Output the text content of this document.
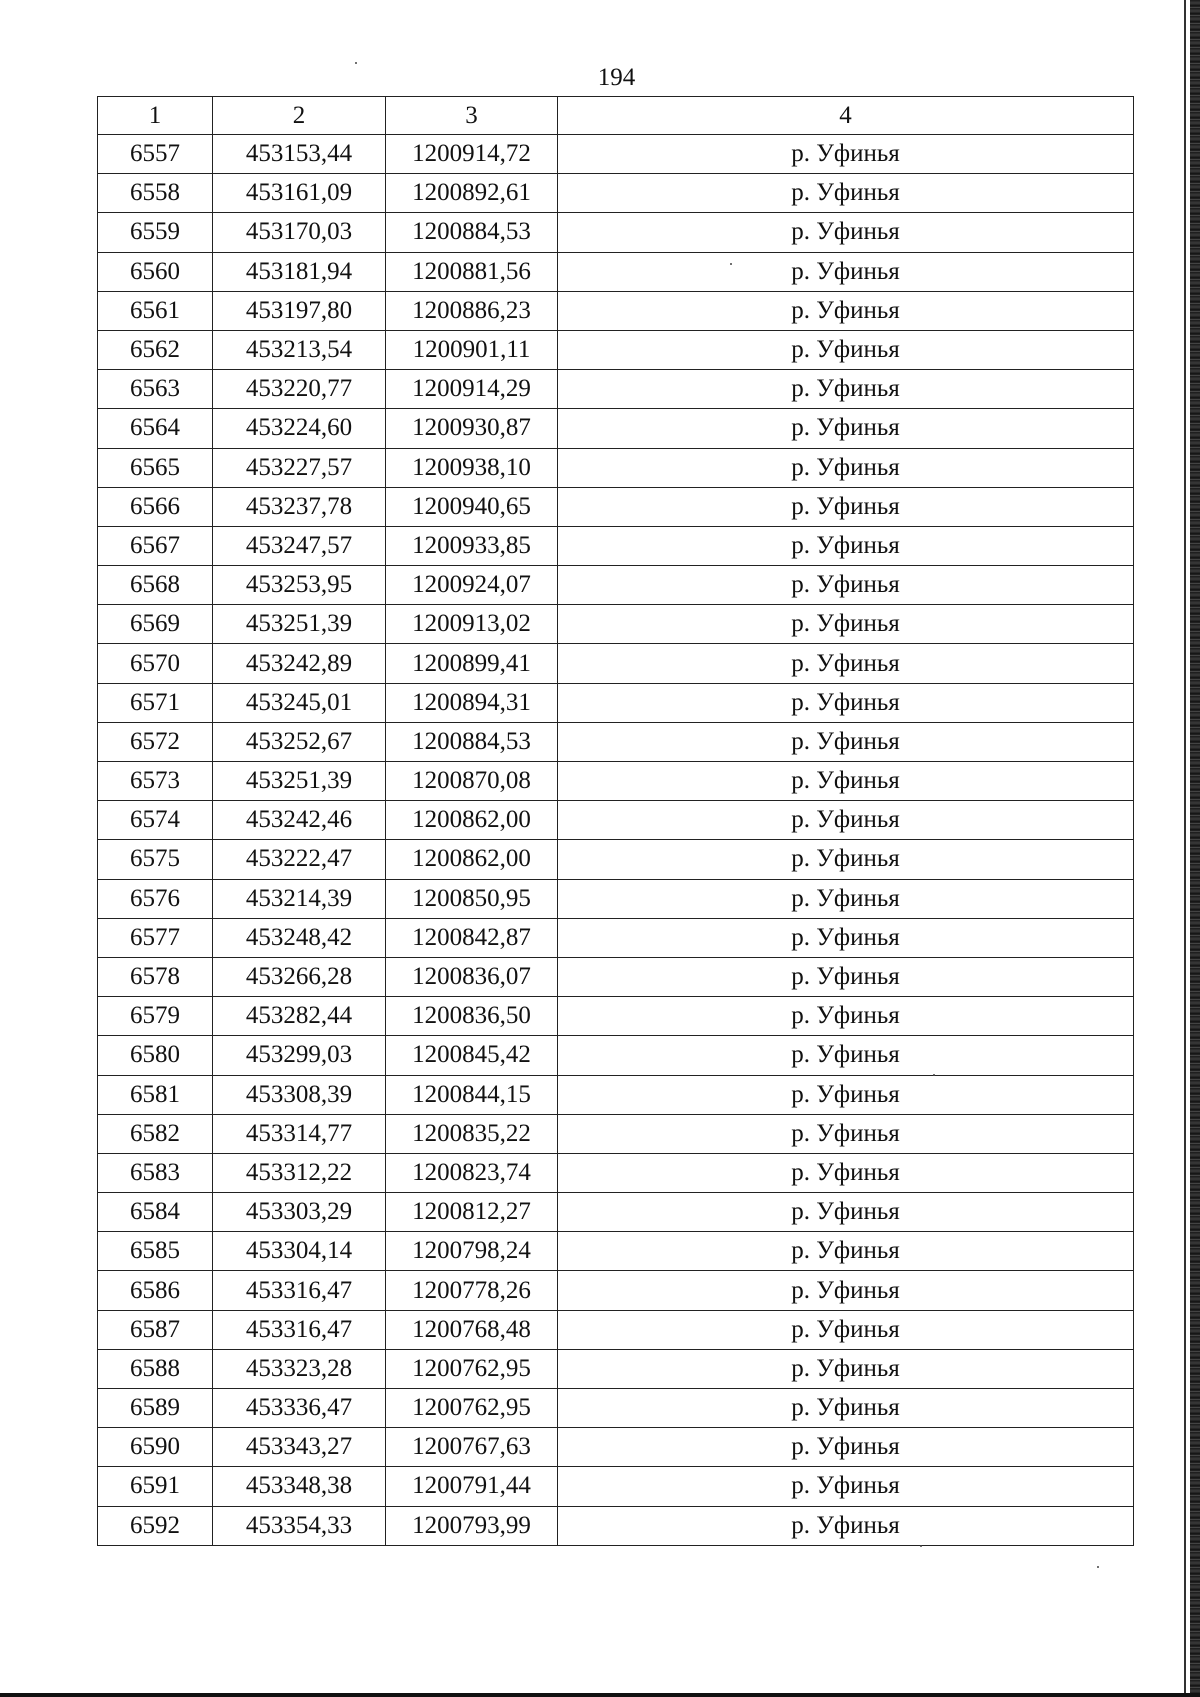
194
1	2	3	4
6557	453153,44	1200914,72	р. Уфинья
6558	453161,09	1200892,61	р. Уфинья
6559	453170,03	1200884,53	р. Уфинья
6560	453181,94	1200881,56	р. Уфинья
6561	453197,80	1200886,23	р. Уфинья
6562	453213,54	1200901,11	р. Уфинья
6563	453220,77	1200914,29	р. Уфинья
6564	453224,60	1200930,87	р. Уфинья
6565	453227,57	1200938,10	р. Уфинья
6566	453237,78	1200940,65	р. Уфинья
6567	453247,57	1200933,85	р. Уфинья
6568	453253,95	1200924,07	р. Уфинья
6569	453251,39	1200913,02	р. Уфинья
6570	453242,89	1200899,41	р. Уфинья
6571	453245,01	1200894,31	р. Уфинья
6572	453252,67	1200884,53	р. Уфинья
6573	453251,39	1200870,08	р. Уфинья
6574	453242,46	1200862,00	р. Уфинья
6575	453222,47	1200862,00	р. Уфинья
6576	453214,39	1200850,95	р. Уфинья
6577	453248,42	1200842,87	р. Уфинья
6578	453266,28	1200836,07	р. Уфинья
6579	453282,44	1200836,50	р. Уфинья
6580	453299,03	1200845,42	р. Уфинья
6581	453308,39	1200844,15	р. Уфинья
6582	453314,77	1200835,22	р. Уфинья
6583	453312,22	1200823,74	р. Уфинья
6584	453303,29	1200812,27	р. Уфинья
6585	453304,14	1200798,24	р. Уфинья
6586	453316,47	1200778,26	р. Уфинья
6587	453316,47	1200768,48	р. Уфинья
6588	453323,28	1200762,95	р. Уфинья
6589	453336,47	1200762,95	р. Уфинья
6590	453343,27	1200767,63	р. Уфинья
6591	453348,38	1200791,44	р. Уфинья
6592	453354,33	1200793,99	р. Уфинья
